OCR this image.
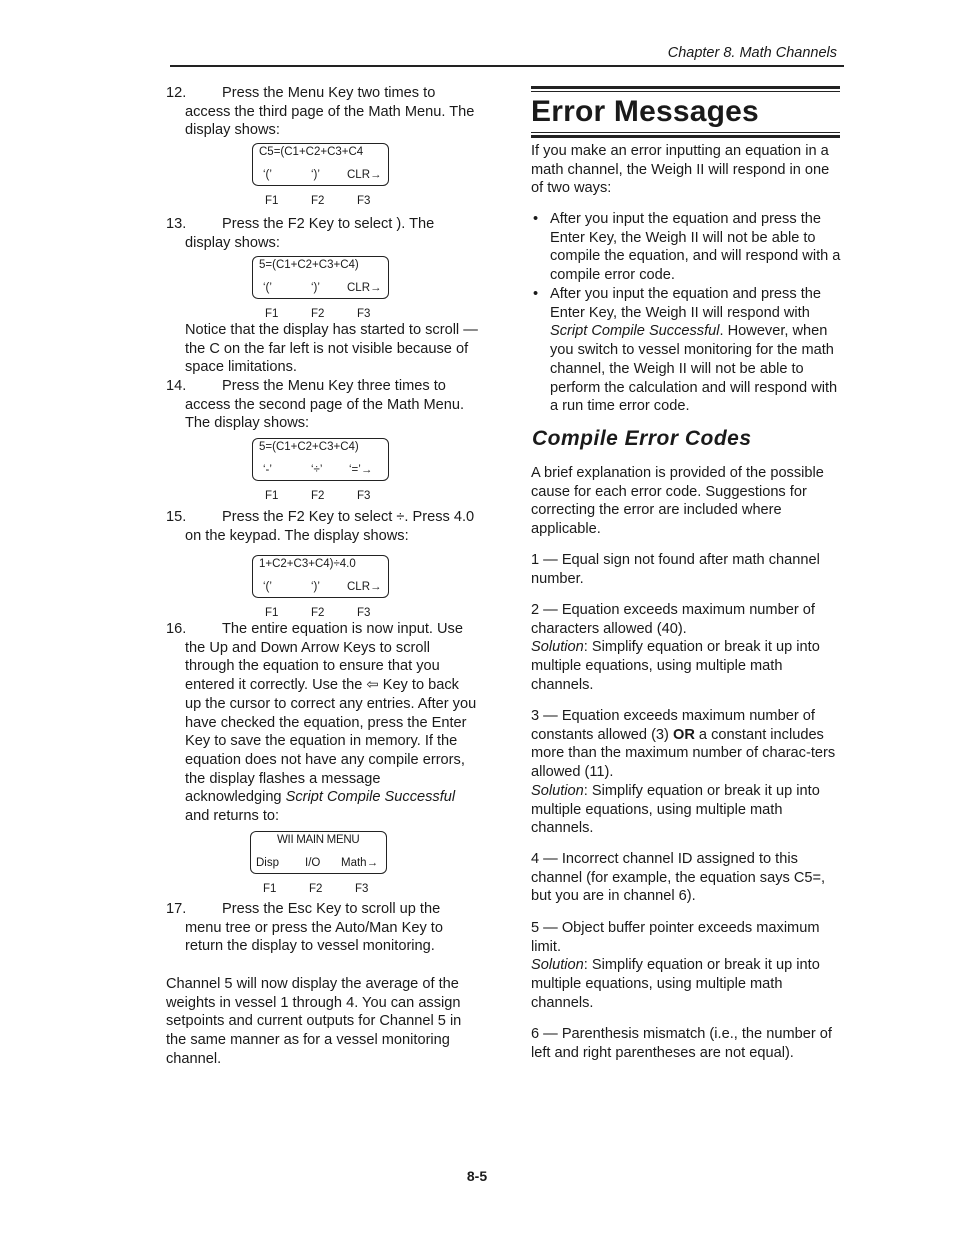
Chapter 8. Math Channels
12.	Press the Menu Key two times to access the third page of the Math Menu. The display shows:
C5=(C1+C2+C3+C4
‘(’	‘)’ CLR→
F1	F2	F3
13.	Press the F2 Key to select ). The display shows:
5=(C1+C2+C3+C4)
‘(’	‘)’ CLR→
F1	F2	F3
Notice that the display has started to scroll — the C on the far left is not visible because of space limitations.
14.	Press the Menu Key three times to access the second page of the Math Menu. The display shows:
5=(C1+C2+C3+C4)
‘-’	‘÷’ ‘=’→
F1	F2	F3
15.	Press the F2 Key to select ÷. Press 4.0 on the keypad. The display shows:
1+C2+C3+C4)÷4.0
‘(’	‘)’ CLR→
F1	F2	F3
16.	The entire equation is now input. Use the Up and Down Arrow Keys to scroll through the equation to ensure that you entered it correctly. Use the ⇦ Key to back up the cursor to correct any entries. After you have checked the equation, press the Enter Key to save the equation in memory. If the equation does not have any compile errors, the display flashes a message acknowledging Script Compile Successful and returns to:
WII MAIN MENU
Disp I/O Math→
F1	F2	F3
17.	Press the Esc Key to scroll up the menu tree or press the Auto/Man Key to return the display to vessel monitoring.
Channel 5 will now display the average of the weights in vessel 1 through 4. You can assign setpoints and current outputs for Channel 5 in the same manner as for a vessel monitoring channel.
Error Messages
If you make an error inputting an equation in a math channel, the Weigh II will respond in one of two ways:
• After you input the equation and press the Enter Key, the Weigh II will not be able to compile the equation, and will respond with a compile error code.
• After you input the equation and press the Enter Key, the Weigh II will respond with Script Compile Successful. However, when you switch to vessel monitoring for the math channel, the Weigh II will not be able to perform the calculation and will respond with a run time error code.
Compile Error Codes
A brief explanation is provided of the possible cause for each error code. Suggestions for correcting the error are included where applicable.
1 — Equal sign not found after math channel number.
2 — Equation exceeds maximum number of characters allowed (40).
Solution: Simplify equation or break it up into multiple equations, using multiple math channels.
3 — Equation exceeds maximum number of constants allowed (3) OR a constant includes more than the maximum number of charac-ters allowed (11).
Solution: Simplify equation or break it up into multiple equations, using multiple math channels.
4 — Incorrect channel ID assigned to this channel (for example, the equation says C5=, but you are in channel 6).
5 — Object buffer pointer exceeds maximum limit.
Solution: Simplify equation or break it up into multiple equations, using multiple math channels.
6 — Parenthesis mismatch (i.e., the number of left and right parentheses are not equal).
8-5
